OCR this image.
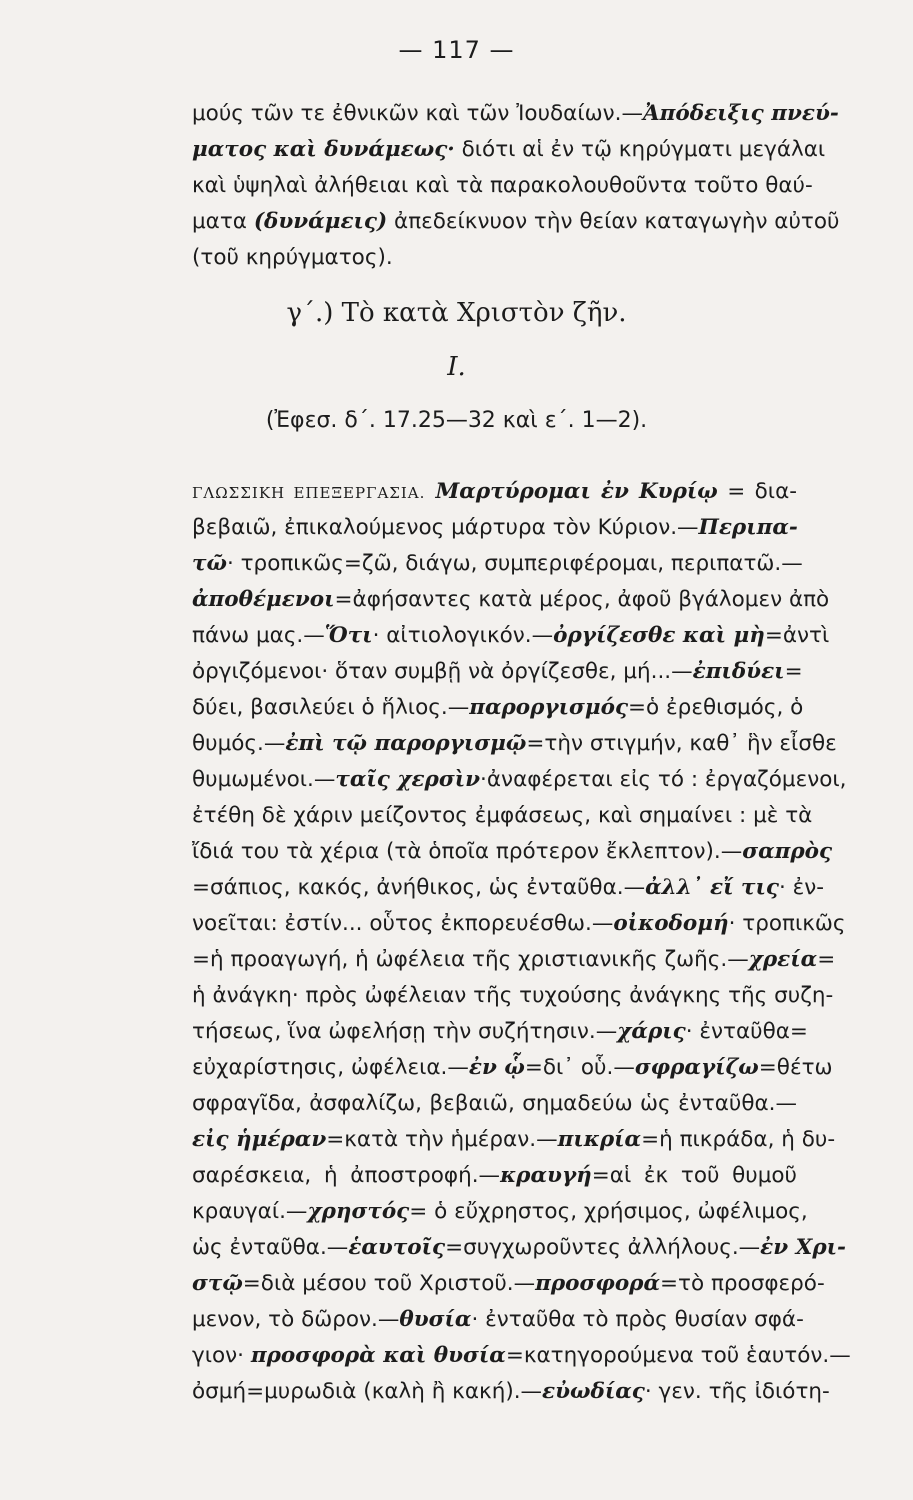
— 117 —
μούς τῶν τε ἐθνικῶν καὶ τῶν Ἰουδαίων.—Ἀπόδειξις πνεύ-
ματος καὶ δυνάμεως· διότι αἱ ἐν τῷ κηρύγματι μεγάλαι
καὶ ὑψηλαὶ ἀλήθειαι καὶ τὰ παρακολουθοῦντα τοῦτο θαύ-
ματα (δυνάμεις) ἀπεδείκνυον τὴν θείαν καταγωγὴν αὐτοῦ
(τοῦ κηρύγματος).
γ΄.) Τὸ κατὰ Χριστὸν ζῆν.
Ι.
(Ἐφεσ. δ΄. 17.25—32 καὶ ε΄. 1—2).
ΓΛΩΣΣΙΚΗ ΕΠΕΞΕΡΓΑΣΙΑ. Μαρτύρομαι ἐν Κυρίῳ = δια-
βεβαιῶ, ἐπικαλούμενος μάρτυρα τὸν Κύριον.—Περιπα-
τῶ· τροπικῶς=ζῶ, διάγω, συμπεριφέρομαι, περιπατῶ.—
ἀποθέμενοι=ἀφήσαντες κατὰ μέρος, ἀφοῦ βγάλομεν ἀπὸ
πάνω μας.—Ὅτι· αἰτιολογικόν.—ὀργίζεσθε καὶ μὴ=ἀντὶ
ὀργιζόμενοι· ὅταν συμβῇ νὰ ὀργίζεσθε, μή...—ἐπιδύει=
δύει, βασιλεύει ὁ ἥλιος.—παροργισμός=ὁ ἐρεθισμός, ὁ
θυμός.—ἐπὶ τῷ παροργισμῷ=τὴν στιγμήν, καθ᾽ ἣν εἶσθε
θυμωμένοι.—ταῖς χερσὶν·ἀναφέρεται εἰς τό : ἐργαζόμενοι,
ἐτέθη δὲ χάριν μείζοντος ἐμφάσεως, καὶ σημαίνει : μὲ τὰ
ἴδιά του τὰ χέρια (τὰ ὁποῖα πρότερον ἔκλεπτον).—σαπρὸς
=σάπιος, κακός, ἀνήθικος, ὡς ἐνταῦθα.—ἀλλ᾽ εἴ τις· ἐν-
νοεῖται: ἐστίν... οὗτος ἐκπορευέσθω.—οἰκοδομή· τροπικῶς
=ἡ προαγωγή, ἡ ὠφέλεια τῆς χριστιανικῆς ζωῆς.—χρεία=
ἡ ἀνάγκη· πρὸς ὠφέλειαν τῆς τυχούσης ἀνάγκης τῆς συζη-
τήσεως, ἵνα ὠφελήσῃ τὴν συζήτησιν.—χάρις· ἐνταῦθα=
εὐχαρίστησις, ὠφέλεια.—ἐν ᾧ=δι᾽ οὗ.—σφραγίζω=θέτω
σφραγῖδα, ἀσφαλίζω, βεβαιῶ, σημαδεύω ὡς ἐνταῦθα.—
εἰς ἡμέραν=κατὰ τὴν ἡμέραν.—πικρία=ἡ πικράδα, ἡ δυ-
σαρέσκεια, ἡ ἀποστροφή.—κραυγή=αἱ ἐκ τοῦ θυμοῦ
κραυγαί.—χρηστός= ὁ εὔχρηστος, χρήσιμος, ὠφέλιμος,
ὡς ἐνταῦθα.—ἑαυτοῖς=συγχωροῦντες ἀλλήλους.—ἐν Χρι-
στῷ=διὰ μέσου τοῦ Χριστοῦ.—προσφορά=τὸ προσφερό-
μενον, τὸ δῶρον.—θυσία· ἐνταῦθα τὸ πρὸς θυσίαν σφά-
γιον· προσφορὰ καὶ θυσία=κατηγορούμενα τοῦ ἑαυτόν.—
ὀσμή=μυρωδιὰ (καλὴ ἢ κακή).—εὐωδίας· γεν. τῆς ἰδιότη-
